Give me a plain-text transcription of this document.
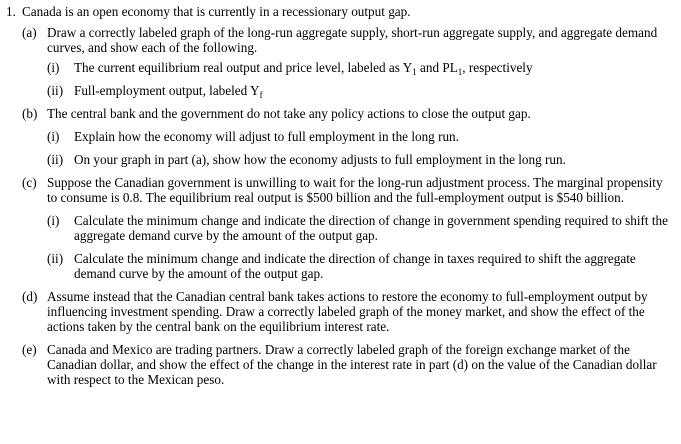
1. Canada is an open economy that is currently in a recessionary output gap.
(a) Draw a correctly labeled graph of the long-run aggregate supply, short-run aggregate supply, and aggregate demand curves, and show each of the following.
(i)	The current equilibrium real output and price level, labeled as $Y_1$ and $PL_1$, respectively
(ii) Full-employment output, labeled $Y_f$
(b) The central bank and the government do not take any policy actions to close the output gap.
(i)	Explain how the economy will adjust to full employment in the long run.
(ii) On your graph in part (a), show how the economy adjusts to full employment in the long run.
(c) Suppose the Canadian government is unwilling to wait for the long-run adjustment process. The marginal propensity to consume is 0.8. The equilibrium real output is $500 billion and the full-employment output is $540 billion.
(i)	Calculate the minimum change and indicate the direction of change in government spending required to shift the aggregate demand curve by the amount of the output gap.
(ii) Calculate the minimum change and indicate the direction of change in taxes required to shift the aggregate demand curve by the amount of the output gap.
(d) Assume instead that the Canadian central bank takes actions to restore the economy to full-employment output by influencing investment spending. Draw a correctly labeled graph of the money market, and show the effect of the actions taken by the central bank on the equilibrium interest rate.
(e) Canada and Mexico are trading partners. Draw a correctly labeled graph of the foreign exchange market of the Canadian dollar, and show the effect of the change in the interest rate in part (d) on the value of the Canadian dollar with respect to the Mexican peso.
